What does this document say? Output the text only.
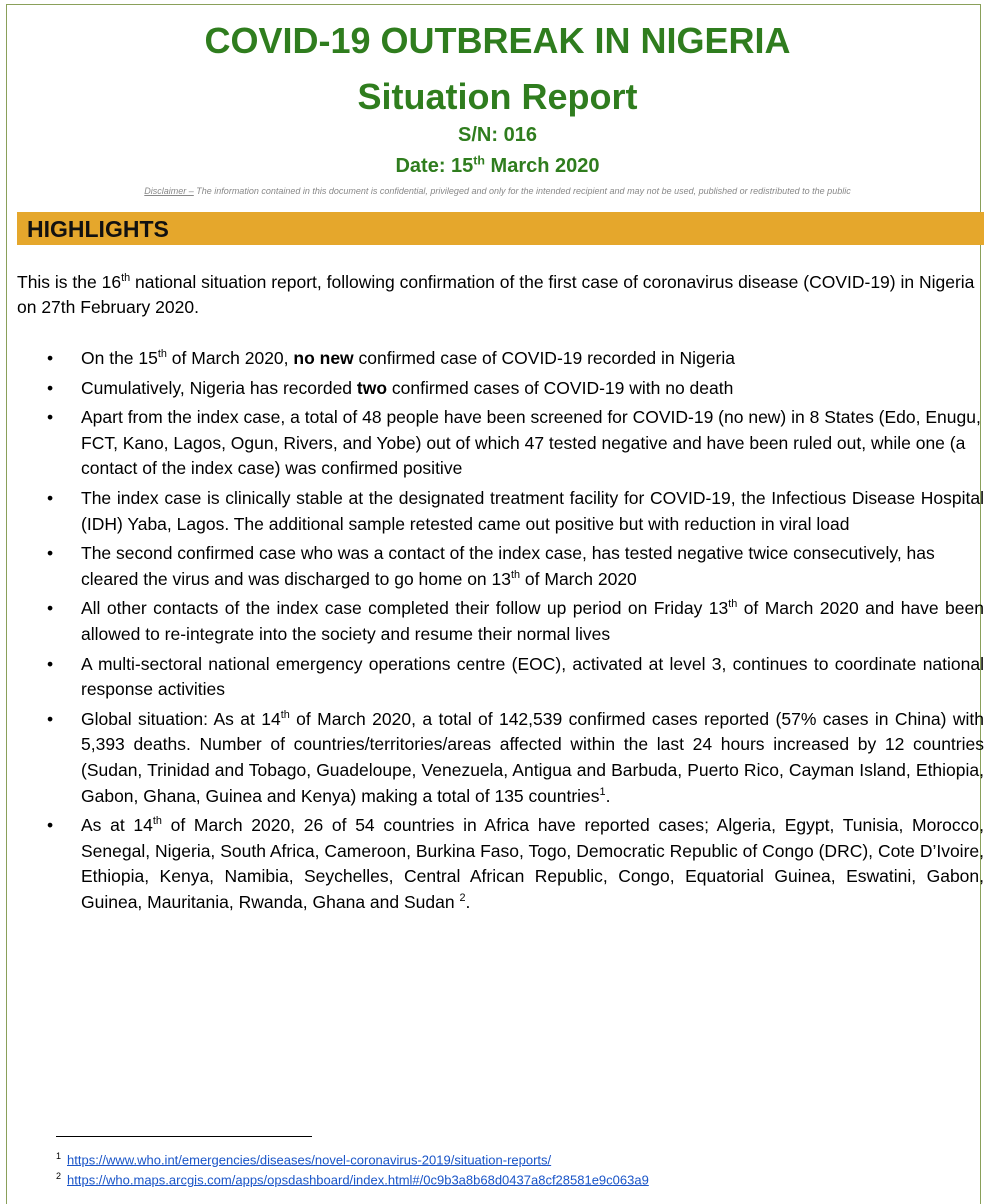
COVID-19 OUTBREAK IN NIGERIA
Situation Report
S/N: 016
Date: 15th March 2020
Disclaimer – The information contained in this document is confidential, privileged and only for the intended recipient and may not be used, published or redistributed to the public
HIGHLIGHTS
This is the 16th national situation report, following confirmation of the first case of coronavirus disease (COVID-19) in Nigeria on 27th February 2020.
• On the 15th of March 2020, no new confirmed case of COVID-19 recorded in Nigeria
• Cumulatively, Nigeria has recorded two confirmed cases of COVID-19 with no death
• Apart from the index case, a total of 48 people have been screened for COVID-19 (no new) in 8 States (Edo, Enugu, FCT, Kano, Lagos, Ogun, Rivers, and Yobe) out of which 47 tested negative and have been ruled out, while one (a contact of the index case) was confirmed positive
• The index case is clinically stable at the designated treatment facility for COVID-19, the Infectious Disease Hospital (IDH) Yaba, Lagos. The additional sample retested came out positive but with reduction in viral load
• The second confirmed case who was a contact of the index case, has tested negative twice consecutively, has cleared the virus and was discharged to go home on 13th of March 2020
• All other contacts of the index case completed their follow up period on Friday 13th of March 2020 and have been allowed to re-integrate into the society and resume their normal lives
• A multi-sectoral national emergency operations centre (EOC), activated at level 3, continues to coordinate national response activities
• Global situation: As at 14th of March 2020, a total of 142,539 confirmed cases reported (57% cases in China) with 5,393 deaths. Number of countries/territories/areas affected within the last 24 hours increased by 12 countries (Sudan, Trinidad and Tobago, Guadeloupe, Venezuela, Antigua and Barbuda, Puerto Rico, Cayman Island, Ethiopia, Gabon, Ghana, Guinea and Kenya) making a total of 135 countries$^1$.
• As at 14th of March 2020, 26 of 54 countries in Africa have reported cases; Algeria, Egypt, Tunisia, Morocco, Senegal, Nigeria, South Africa, Cameroon, Burkina Faso, Togo, Democratic Republic of Congo (DRC), Cote D’Ivoire, Ethiopia, Kenya, Namibia, Seychelles, Central African Republic, Congo, Equatorial Guinea, Eswatini, Gabon, Guinea, Mauritania, Rwanda, Ghana and Sudan $^2$.
$^1$ https://www.who.int/emergencies/diseases/novel-coronavirus-2019/situation-reports/
$^2$ https://who.maps.arcgis.com/apps/opsdashboard/index.html#/0c9b3a8b68d0437a8cf28581e9c063a9
